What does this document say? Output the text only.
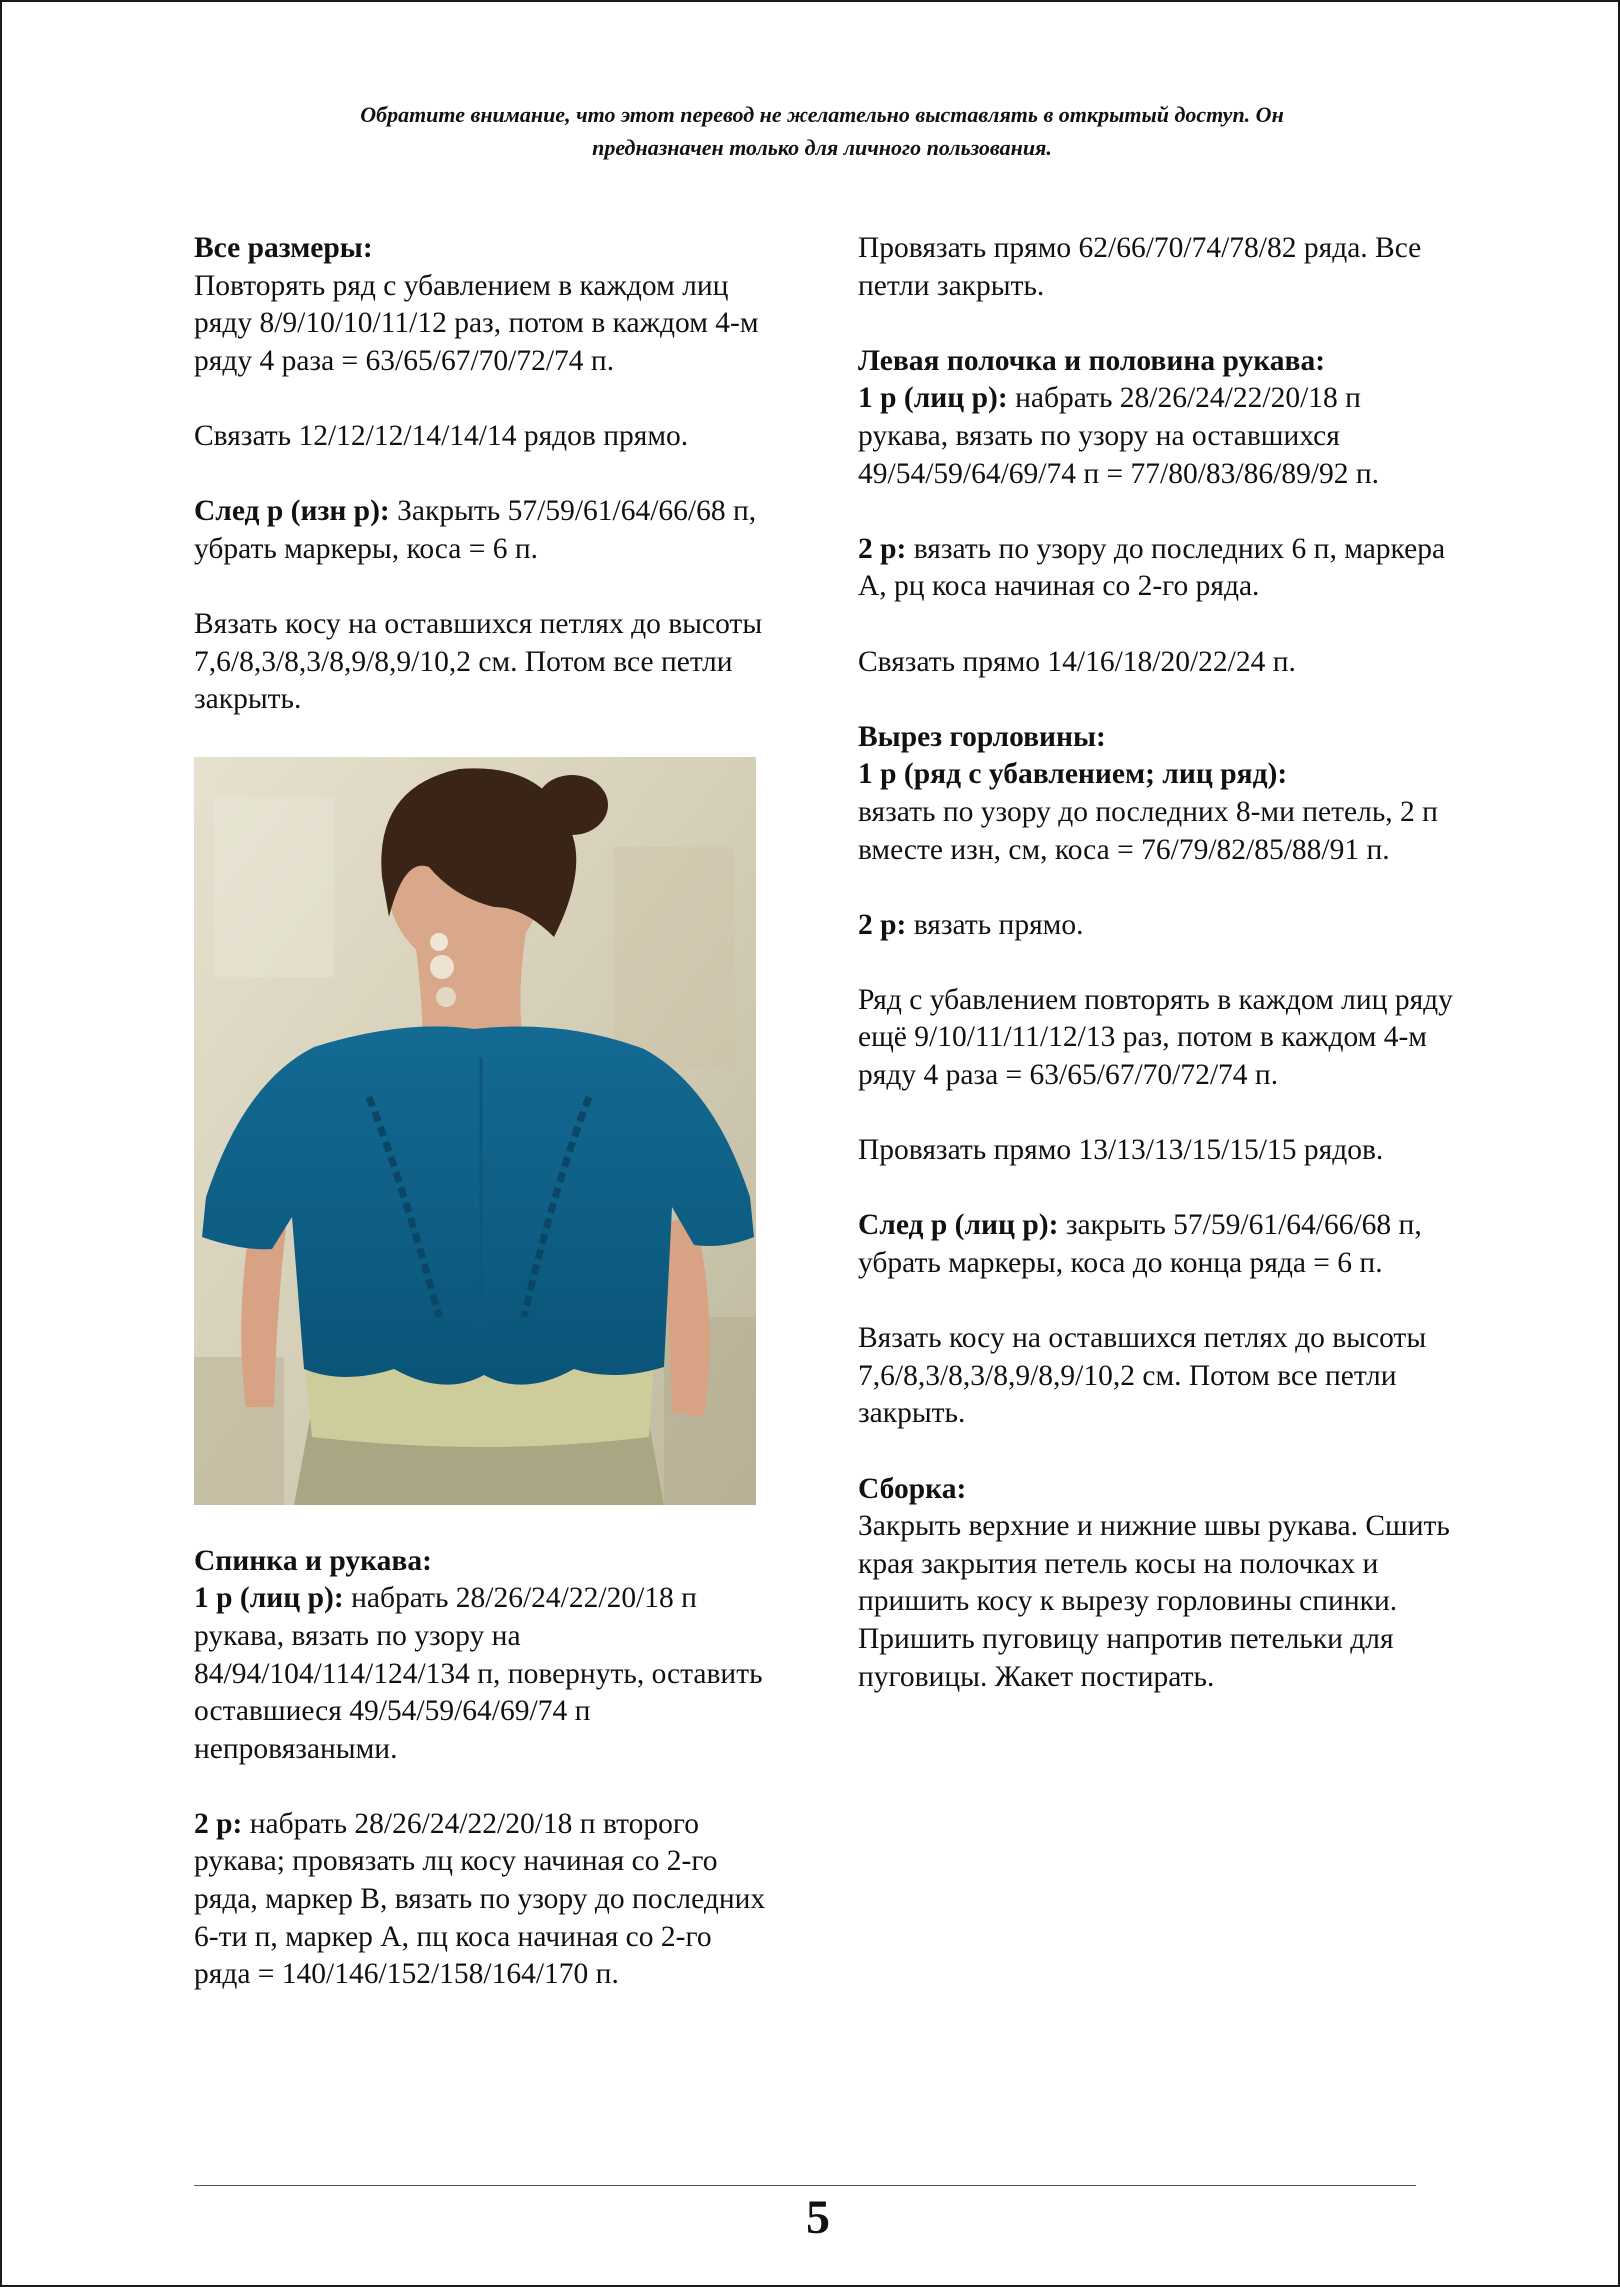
Обратите внимание, что этот перевод не желательно выставлять в открытый доступ. Он
предназначен только для личного пользования.
Все размеры:

Повторять ряд с убавлением в каждом лиц ряду 8/9/10/10/11/12 раз, потом в каждом 4-м ряду 4 раза = 63/65/67/70/72/74 п.

Связать 12/12/12/14/14/14 рядов прямо.

След р (изн р): Закрыть 57/59/61/64/66/68 п, убрать маркеры, коса = 6 п.

Вязать косу на оставшихся петлях до высоты 7,6/8,3/8,3/8,9/8,9/10,2 см. Потом все петли закрыть.

Спинка и рукава:

1 р (лиц р): набрать 28/26/24/22/20/18 п рукава, вязать по узору на 84/94/104/114/124/134 п, повернуть, оставить оставшиеся 49/54/59/64/69/74 п непровязаными.

2 р: набрать 28/26/24/22/20/18 п второго рукава; провязать лц косу начиная со 2-го ряда, маркер В, вязать по узору до последних 6-ти п, маркер А, пц коса начиная со 2-го ряда = 140/146/152/158/164/170 п.

Провязать прямо 62/66/70/74/78/82 ряда. Все петли закрыть.

Левая полочка и половина рукава:

1 р (лиц р): набрать 28/26/24/22/20/18 п рукава, вязать по узору на оставшихся 49/54/59/64/69/74 п = 77/80/83/86/89/92 п.

2 р: вязать по узору до последних 6 п, маркера А, рц коса начиная со 2-го ряда.

Связать прямо 14/16/18/20/22/24 п.

Вырез горловины:
1 р (ряд с убавлением; лиц ряд):

вязать по узору до последних 8-ми петель, 2 п вместе изн, см, коса = 76/79/82/85/88/91 п.

2 р: вязать прямо.

Ряд с убавлением повторять в каждом лиц ряду ещё 9/10/11/11/12/13 раз, потом в каждом 4-м ряду 4 раза = 63/65/67/70/72/74 п.

Провязать прямо 13/13/13/15/15/15 рядов.

След р (лиц р): закрыть 57/59/61/64/66/68 п, убрать маркеры, коса до конца ряда = 6 п.

Вязать косу на оставшихся петлях до высоты 7,6/8,3/8,3/8,9/8,9/10,2 см. Потом все петли закрыть.

Сборка:

Закрыть верхние и нижние швы рукава. Сшить края закрытия петель косы на полочках и пришить косу к вырезу горловины спинки. Пришить пуговицу напротив петельки для пуговицы. Жакет постирать.

5
